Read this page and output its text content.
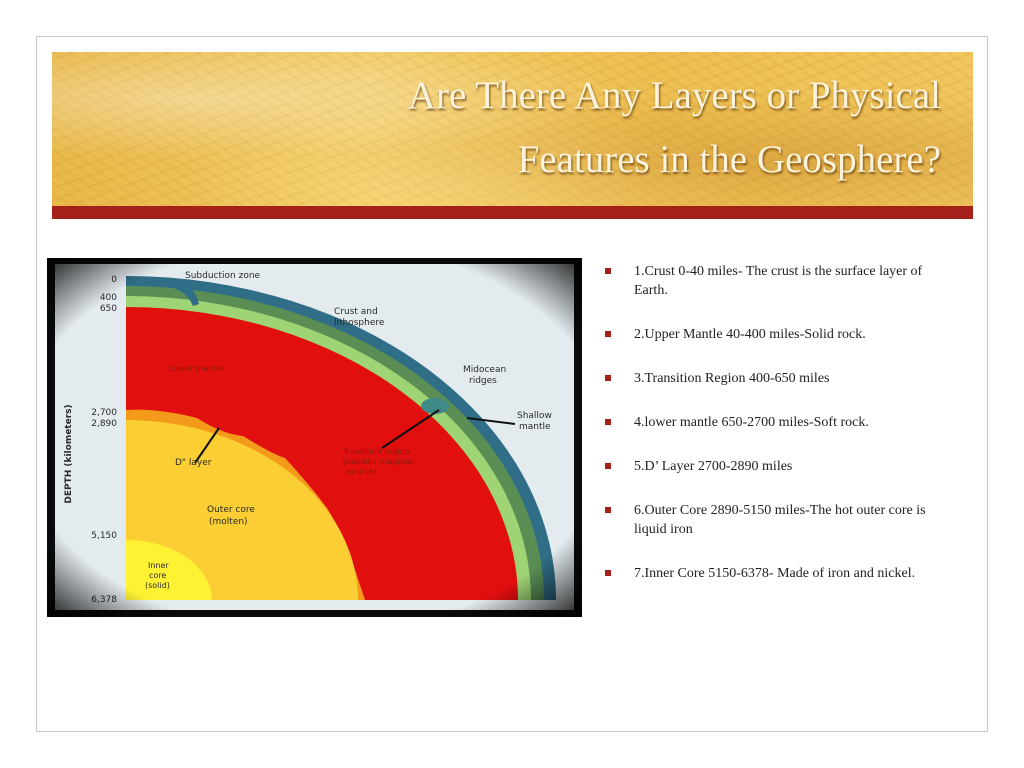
Are There Any Layers or Physical
Features in the Geosphere?
1.Crust 0-40 miles- The crust is the surface layer of Earth.
2.Upper Mantle 40-400 miles-Solid rock.
3.Transition Region 400-650 miles
4.lower mantle 650-2700 miles-Soft rock.
5.D’ Layer 2700-2890 miles
6.Outer Core 2890-5150 miles-The hot outer core is liquid iron
7.Inner Core 5150-6378- Made of iron and nickel.
